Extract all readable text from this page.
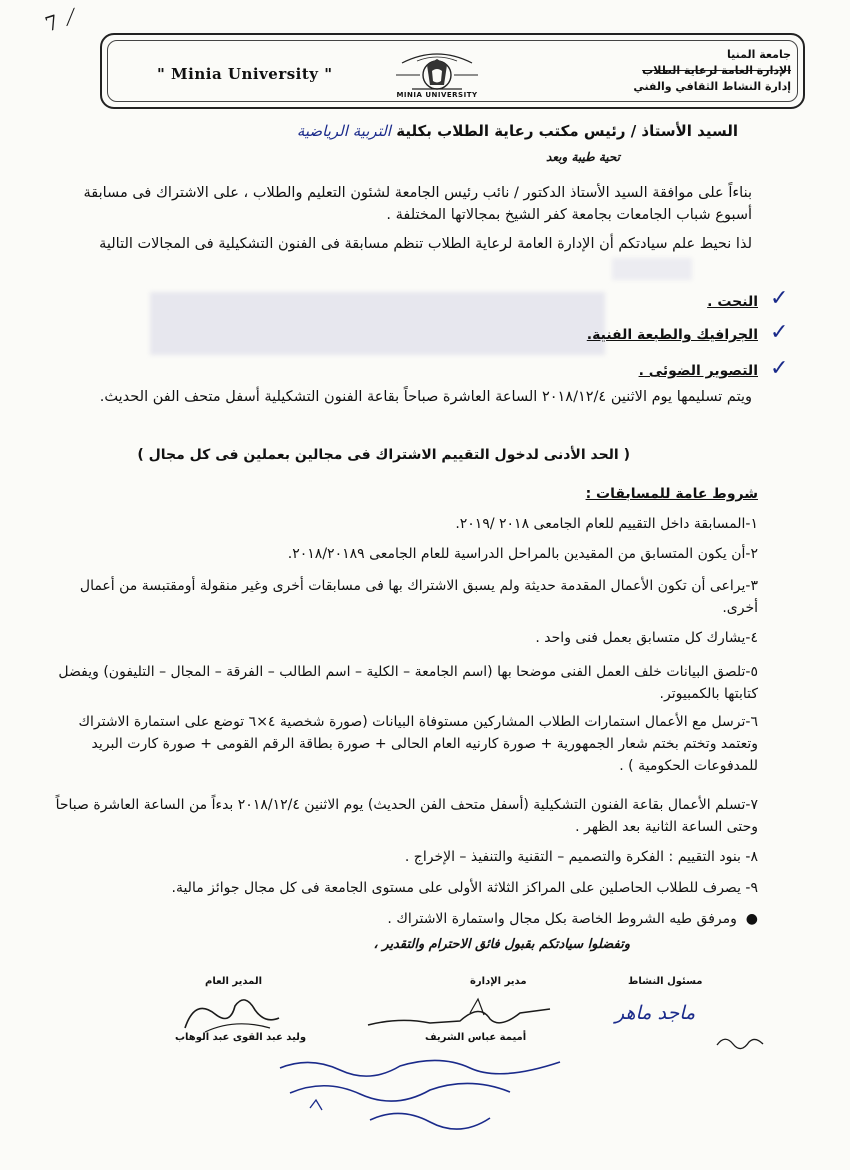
7 ⟋
" Minia University "
MINIA UNIVERSITY
جامعة المنيا
الإدارة العامة لرعاية الطلاب
إدارة النشاط الثقافي والفني
السيد الأستاذ / رئيس مكتب رعاية الطلاب بكلية التربية الرياضية
تحية طيبة وبعد
بناءاً على موافقة السيد الأستاذ الدكتور / نائب رئيس الجامعة لشئون التعليم والطلاب ، على الاشتراك فى مسابقة أسبوع شباب الجامعات بجامعة كفر الشيخ بمجالاتها المختلفة .
لذا نحيط علم سيادتكم أن الإدارة العامة لرعاية الطلاب تنظم مسابقة فى الفنون التشكيلية فى المجالات التالية
النحت .
الجرافيك والطبعة الفنية.
التصوير الضوئى .
✓
✓
✓
ويتم تسليمها يوم الاثنين ٢٠١٨/١٢/٤ الساعة العاشرة صباحاً بقاعة الفنون التشكيلية أسفل متحف الفن الحديث.
( الحد الأدنى لدخول التقييم الاشتراك فى مجالين بعملين فى كل مجال )
شروط عامة للمسابقات :
١-المسابقة داخل التقييم للعام الجامعى ٢٠١٨ /٢٠١٩.
٢-أن يكون المتسابق من المقيدين بالمراحل الدراسية للعام الجامعى ٢٠١٨/٢٠١٨٩.
٣-يراعى أن تكون الأعمال المقدمة حديثة ولم يسبق الاشتراك بها فى مسابقات أخرى وغير منقولة أومقتبسة من أعمال أخرى.
٤-يشارك كل متسابق بعمل فنى واحد .
٥-تلصق البيانات خلف العمل الفنى موضحا بها (اسم الجامعة – الكلية – اسم الطالب – الفرقة – المجال – التليفون) ويفضل كتابتها بالكمبيوتر.
٦-ترسل مع الأعمال استمارات الطلاب المشاركين مستوفاة البيانات (صورة شخصية ٤×٦ توضع على استمارة الاشتراك وتعتمد وتختم بختم شعار الجمهورية + صورة كارنيه العام الحالى + صورة بطاقة الرقم القومى + صورة كارت البريد للمدفوعات الحكومية ) .
٧-تسلم الأعمال بقاعة الفنون التشكيلية (أسفل متحف الفن الحديث) يوم الاثنين ٢٠١٨/١٢/٤ بدءاً من الساعة العاشرة صباحاً وحتى الساعة الثانية بعد الظهر .
٨- بنود التقييم : الفكرة والتصميم – التقنية والتنفيذ – الإخراج .
٩- يصرف للطلاب الحاصلين على المراكز الثلاثة الأولى على مستوى الجامعة فى كل مجال جوائز مالية.
●  ومرفق طيه الشروط الخاصة بكل مجال واستمارة الاشتراك .
وتفضلوا سيادتكم بقبول فائق الاحترام والتقدير ،
مسئول النشاط
مدير الإدارة
المدير العام
ماجد ماهر
أميمة عباس الشريف
وليد عبد القوى عبد الوهاب
